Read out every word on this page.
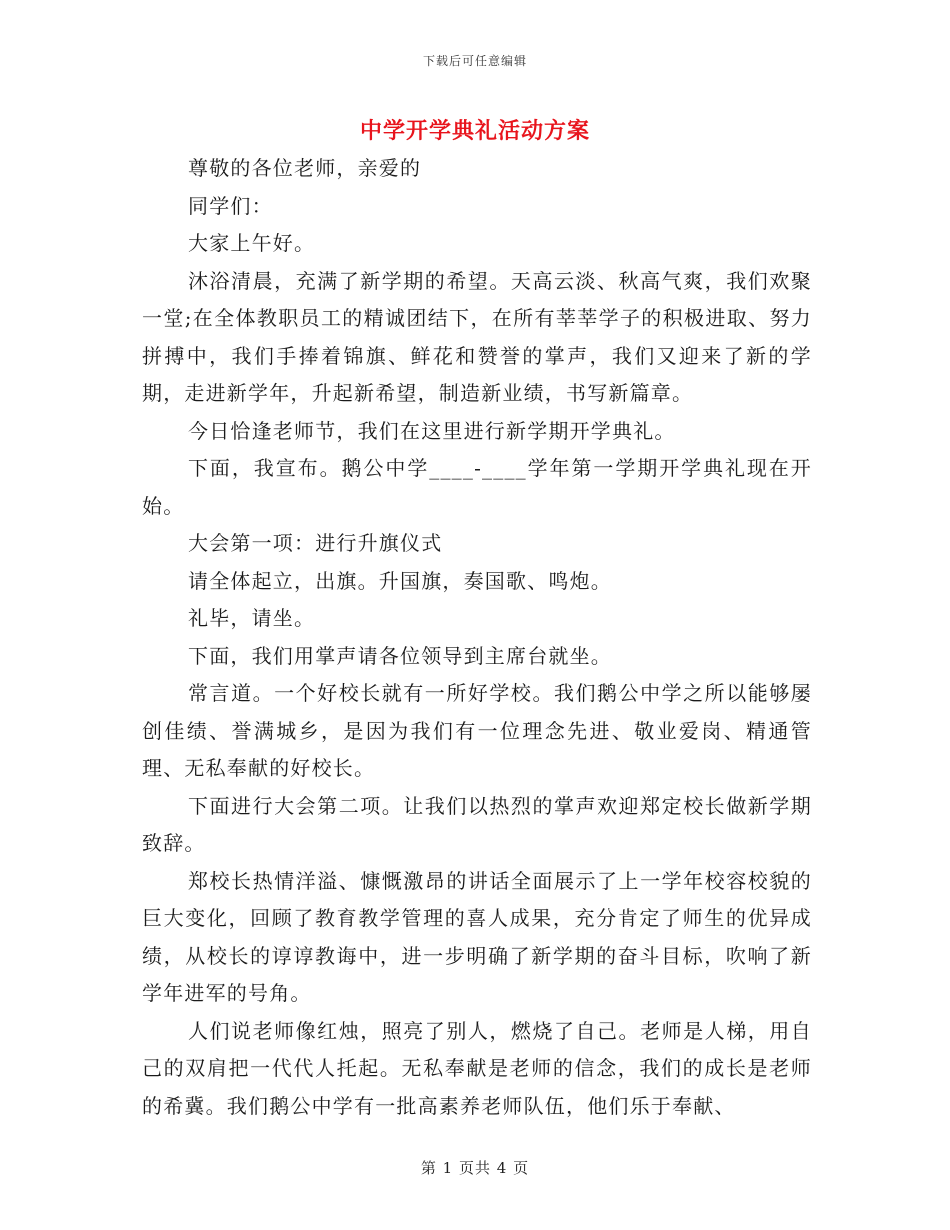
下载后可任意编辑
中学开学典礼活动方案

尊敬的各位老师，亲爱的

同学们：

大家上午好。

沐浴清晨，充满了新学期的希望。天高云淡、秋高气爽，我们欢聚一堂;在全体教职员工的精诚团结下，在所有莘莘学子的积极进取、努力拼搏中，我们手捧着锦旗、鲜花和赞誉的掌声，我们又迎来了新的学期，走进新学年，升起新希望，制造新业绩，书写新篇章。

今日恰逢老师节，我们在这里进行新学期开学典礼。

下面，我宣布。鹅公中学____-____学年第一学期开学典礼现在开始。

大会第一项：进行升旗仪式

请全体起立，出旗。升国旗，奏国歌、鸣炮。

礼毕，请坐。

下面，我们用掌声请各位领导到主席台就坐。

常言道。一个好校长就有一所好学校。我们鹅公中学之所以能够屡创佳绩、誉满城乡，是因为我们有一位理念先进、敬业爱岗、精通管理、无私奉献的好校长。

下面进行大会第二项。让我们以热烈的掌声欢迎郑定校长做新学期致辞。

郑校长热情洋溢、慷慨激昂的讲话全面展示了上一学年校容校貌的巨大变化，回顾了教育教学管理的喜人成果，充分肯定了师生的优异成绩，从校长的谆谆教诲中，进一步明确了新学期的奋斗目标，吹响了新学年进军的号角。

人们说老师像红烛，照亮了别人，燃烧了自己。老师是人梯，用自己的双肩把一代代人托起。无私奉献是老师的信念，我们的成长是老师的希冀。我们鹅公中学有一批高素养老师队伍，他们乐于奉献、

第 1 页共 4 页
